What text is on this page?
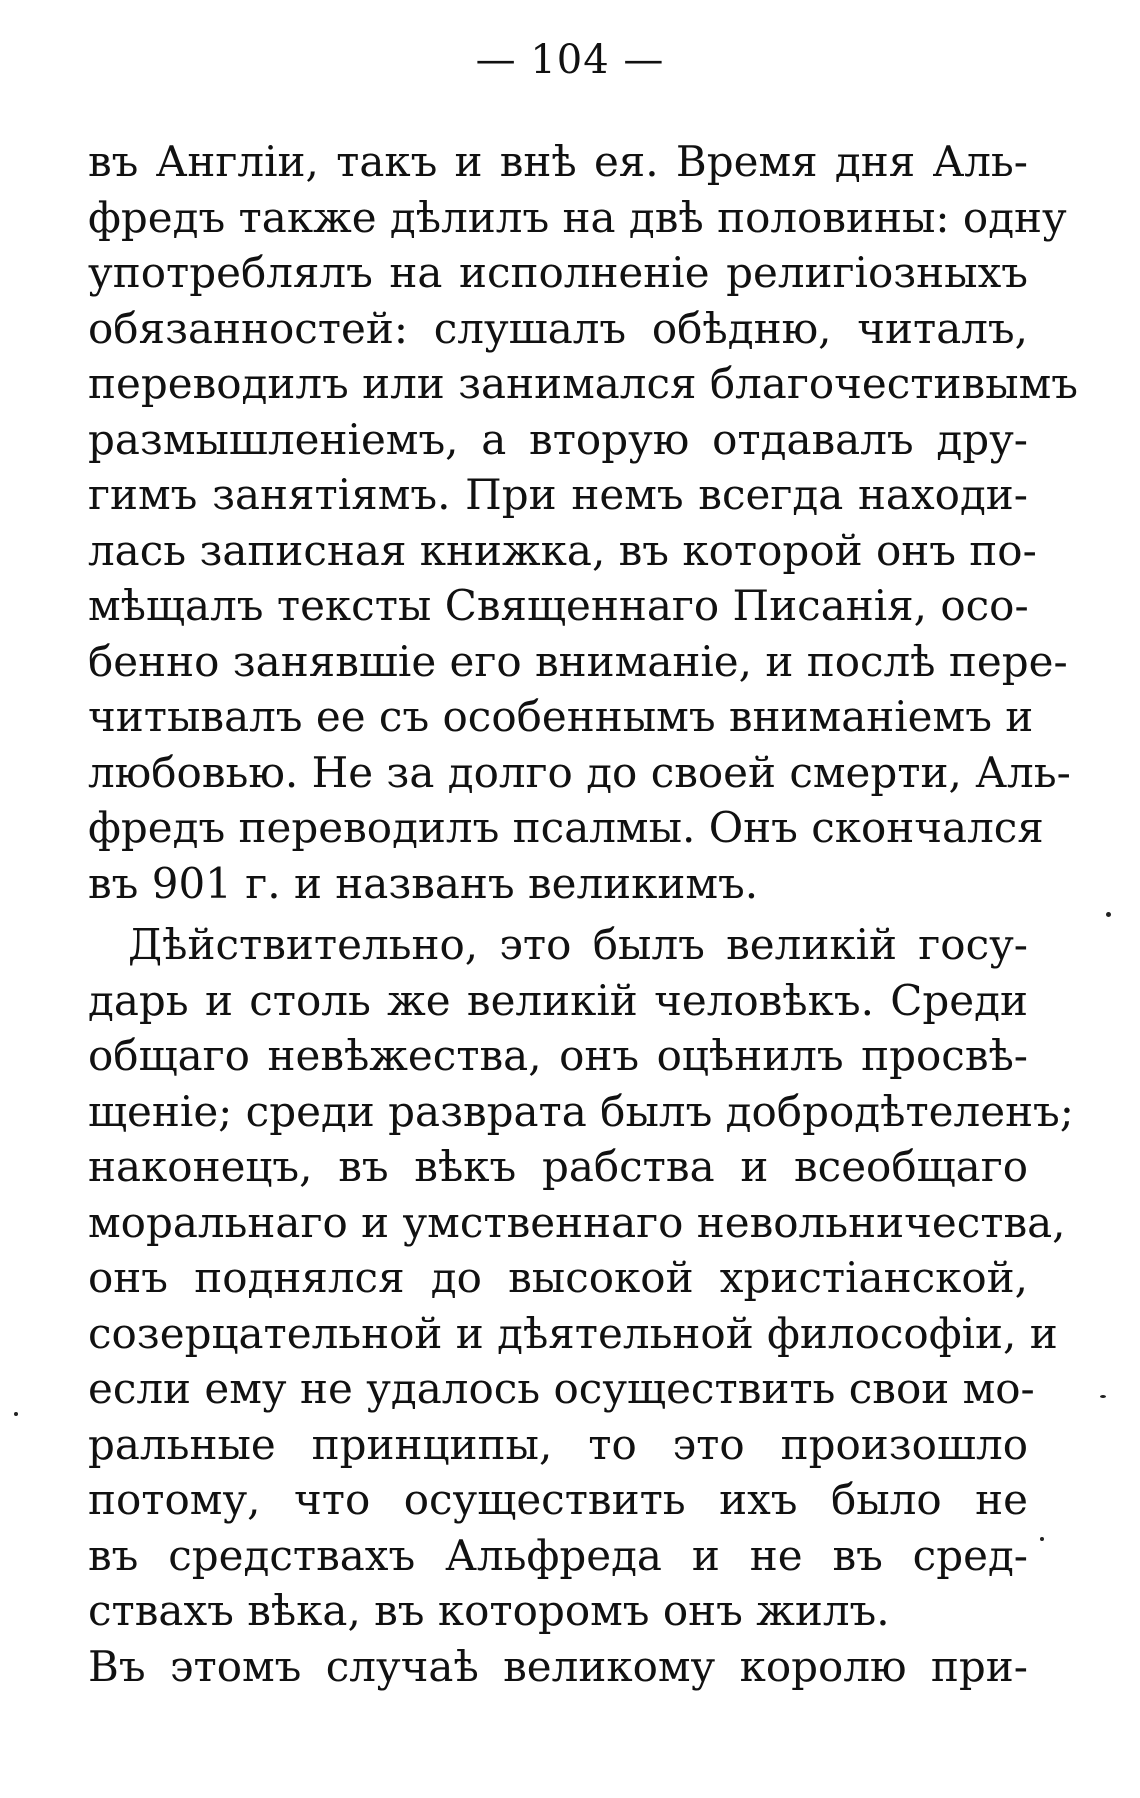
— 104 —
въ Англіи, такъ и внѣ ея. Время дня Аль-
фредъ также дѣлилъ на двѣ половины: одну
употреблялъ на исполненіе религіозныхъ
обязанностей: слушалъ обѣдню, читалъ,
переводилъ или занимался благочестивымъ
размышленіемъ, а вторую отдавалъ дру-
гимъ занятіямъ. При немъ всегда находи-
лась записная книжка, въ которой онъ по-
мѣщалъ тексты Священнаго Писанія, осо-
бенно занявшіе его вниманіе, и послѣ пере-
читывалъ ее съ особеннымъ вниманіемъ и
любовью. Не за долго до своей смерти, Аль-
фредъ переводилъ псалмы. Онъ скончался
въ 901 г. и названъ великимъ.
Дѣйствительно, это былъ великій госу-
дарь и столь же великій человѣкъ. Среди
общаго невѣжества, онъ оцѣнилъ просвѣ-
щеніе; среди разврата былъ добродѣтеленъ;
наконецъ, въ вѣкъ рабства и всеобщаго
моральнаго и умственнаго невольничества,
онъ поднялся до высокой христіанской,
созерцательной и дѣятельной философіи, и
если ему не удалось осуществить свои мо-
ральные принципы, то это произошло
потому, что осуществить ихъ было не
въ средствахъ Альфреда и не въ сред-
ствахъ вѣка, въ которомъ онъ жилъ.
Въ этомъ случаѣ великому королю при-
